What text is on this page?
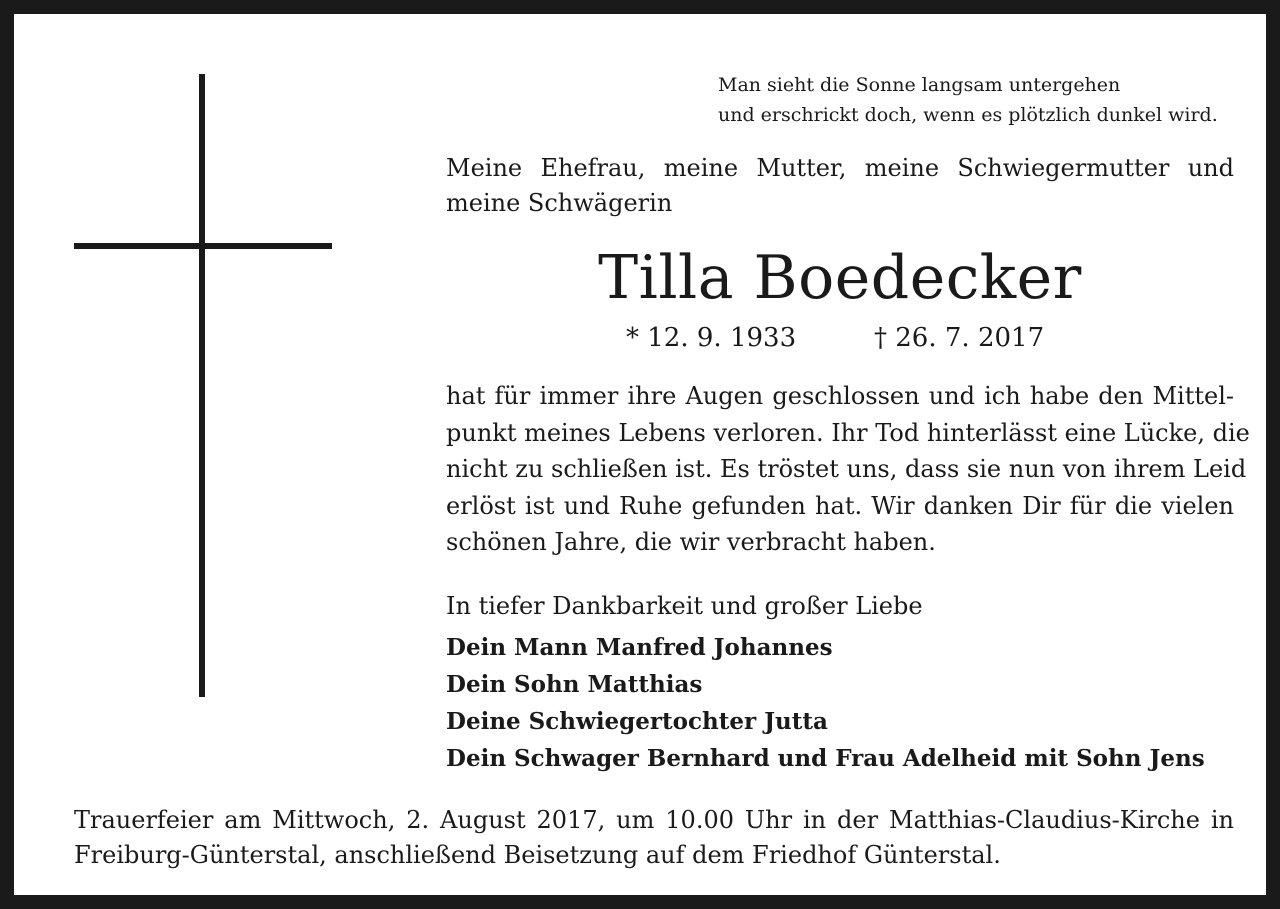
Man sieht die Sonne langsam untergehen
und erschrickt doch, wenn es plötzlich dunkel wird.
Meine Ehefrau, meine Mutter, meine Schwiegermutter und meine Schwägerin
Tilla Boedecker
* 12. 9. 1933	† 26. 7. 2017
hat für immer ihre Augen geschlossen und ich habe den Mittel-
punkt meines Lebens verloren. Ihr Tod hinterlässt eine Lücke, die
nicht zu schließen ist. Es tröstet uns, dass sie nun von ihrem Leid
erlöst ist und Ruhe gefunden hat. Wir danken Dir für die vielen
schönen Jahre, die wir verbracht haben.
In tiefer Dankbarkeit und großer Liebe
Dein Mann Manfred Johannes
Dein Sohn Matthias
Deine Schwiegertochter Jutta
Dein Schwager Bernhard und Frau Adelheid mit Sohn Jens
Trauerfeier am Mittwoch, 2. August 2017, um 10.00 Uhr in der Matthias-Claudius-Kirche in
Freiburg-Günterstal, anschließend Beisetzung auf dem Friedhof Günterstal.
